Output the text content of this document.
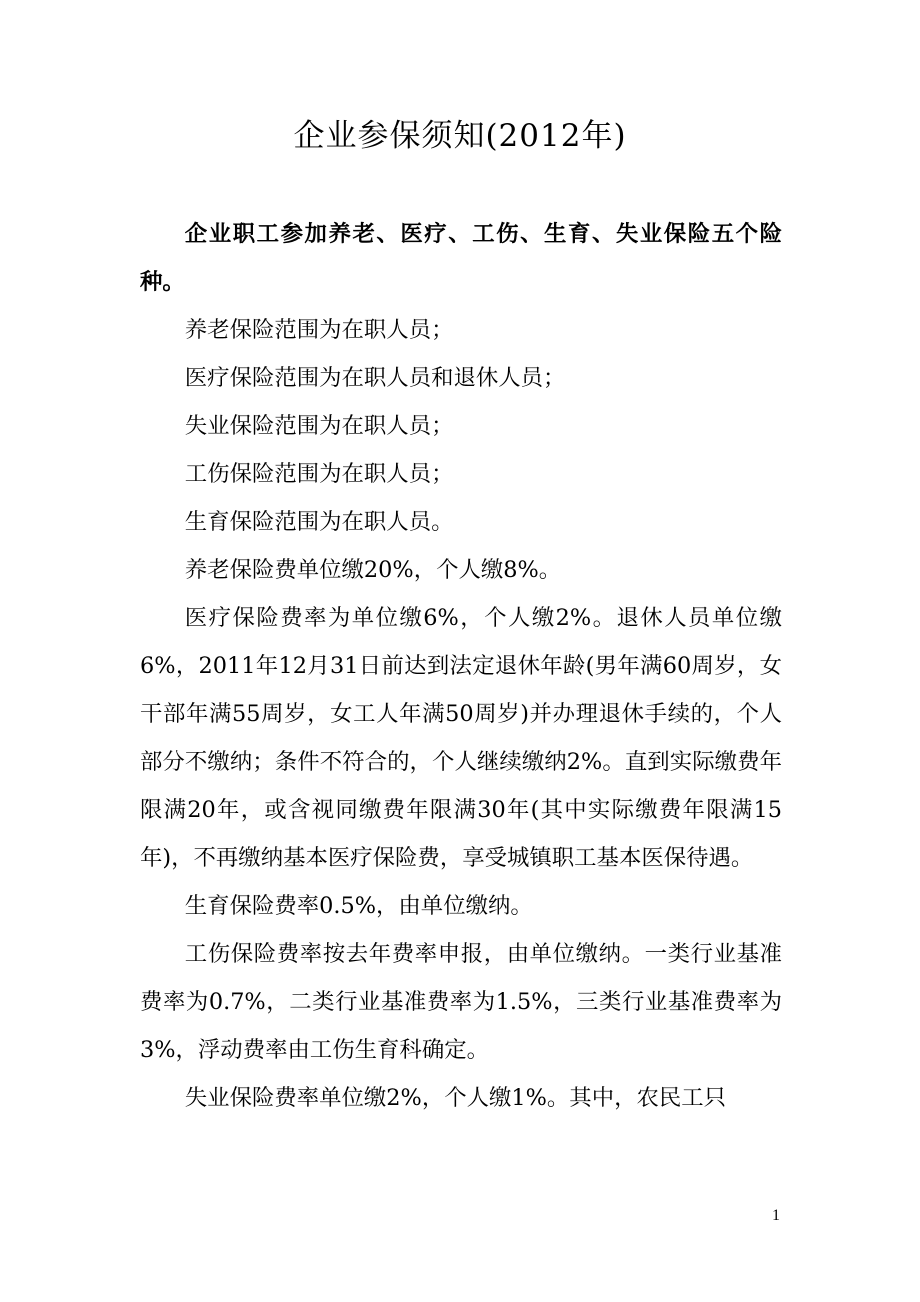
企业参保须知(2012年)

企业职工参加养老、医疗、工伤、生育、失业保险五个险种。

养老保险范围为在职人员；

医疗保险范围为在职人员和退休人员；

失业保险范围为在职人员；

工伤保险范围为在职人员；

生育保险范围为在职人员。

养老保险费单位缴20%，个人缴8%。

医疗保险费率为单位缴6%，个人缴2%。退休人员单位缴6%，2011年12月31日前达到法定退休年龄(男年满60周岁，女干部年满55周岁，女工人年满50周岁)并办理退休手续的，个人部分不缴纳；条件不符合的，个人继续缴纳2%。直到实际缴费年限满20年，或含视同缴费年限满30年(其中实际缴费年限满15年)，不再缴纳基本医疗保险费，享受城镇职工基本医保待遇。

生育保险费率0.5%，由单位缴纳。

工伤保险费率按去年费率申报，由单位缴纳。一类行业基准费率为0.7%，二类行业基准费率为1.5%，三类行业基准费率为3%，浮动费率由工伤生育科确定。

失业保险费率单位缴2%，个人缴1%。其中，农民工只

1
